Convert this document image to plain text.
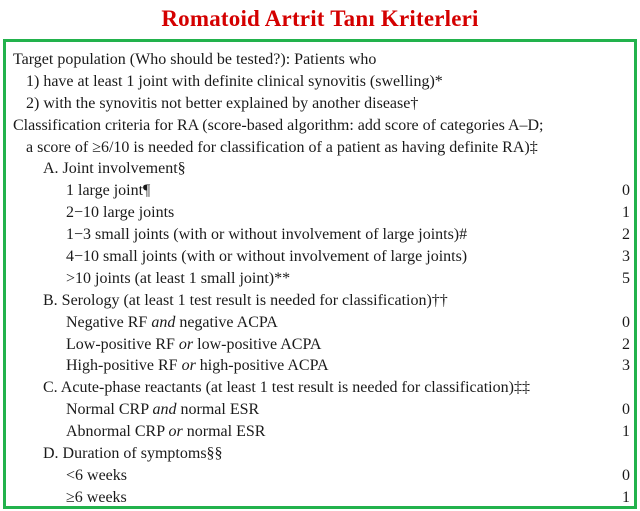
Romatoid Artrit Tanı Kriterleri
Target population (Who should be tested?): Patients who
1) have at least 1 joint with definite clinical synovitis (swelling)*
2) with the synovitis not better explained by another disease†
Classification criteria for RA (score-based algorithm: add score of categories A–D;
a score of ≥6/10 is needed for classification of a patient as having definite RA)‡
A. Joint involvement§
1 large joint¶	0
2−10 large joints	1
1−3 small joints (with or without involvement of large joints)#	2
4−10 small joints (with or without involvement of large joints)	3
>10 joints (at least 1 small joint)**	5
B. Serology (at least 1 test result is needed for classification)††
Negative RF and negative ACPA	0
Low-positive RF or low-positive ACPA	2
High-positive RF or high-positive ACPA	3
C. Acute-phase reactants (at least 1 test result is needed for classification)‡‡
Normal CRP and normal ESR	0
Abnormal CRP or normal ESR	1
D. Duration of symptoms§§
<6 weeks	0
≥6 weeks	1
